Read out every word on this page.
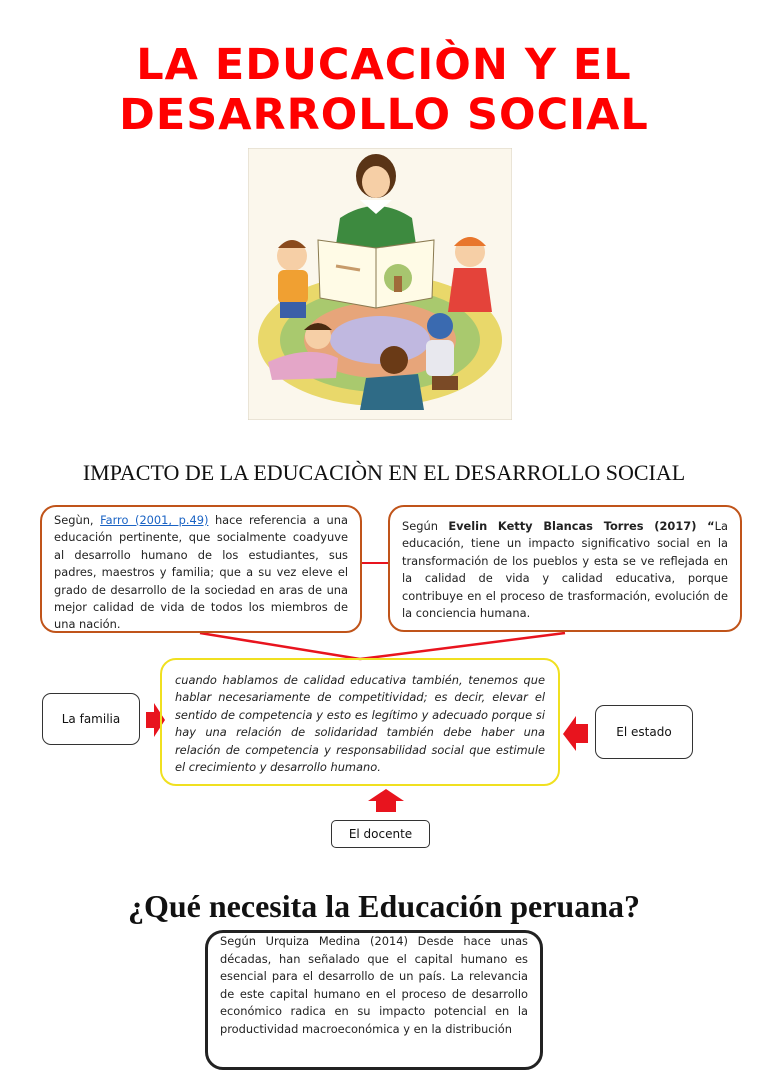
LA EDUCACIÒN Y EL
DESARROLLO SOCIAL
IMPACTO DE LA EDUCACIÒN EN EL DESARROLLO SOCIAL
Segùn, Farro (2001, p.49) hace referencia a una educación pertinente, que socialmente coadyuve al desarrollo humano de los estudiantes, sus padres, maestros y familia; que a su vez eleve el grado de desarrollo de la sociedad en aras de una mejor calidad de vida de todos los miembros de una nación.
Según Evelin Ketty Blancas Torres (2017) “La educación, tiene un impacto significativo social en la transformación de los pueblos y esta se ve reflejada en la calidad de vida y calidad educativa, porque contribuye en el proceso de trasformación, evolución de la conciencia humana.
cuando hablamos de calidad educativa también, tenemos que hablar necesariamente de competitividad; es decir, elevar el sentido de competencia y esto es legítimo y adecuado porque si hay una relación de solidaridad también debe haber una relación de competencia y responsabilidad social que estimule el crecimiento y desarrollo humano.
La familia
El estado
El docente
¿Qué necesita la Educación peruana?
Según Urquiza Medina (2014) Desde hace unas décadas, han señalado que el capital humano es esencial para el desarrollo de un país. La relevancia de este capital humano en el proceso de desarrollo económico radica en su impacto potencial en la productividad macroeconómica y en la distribución
